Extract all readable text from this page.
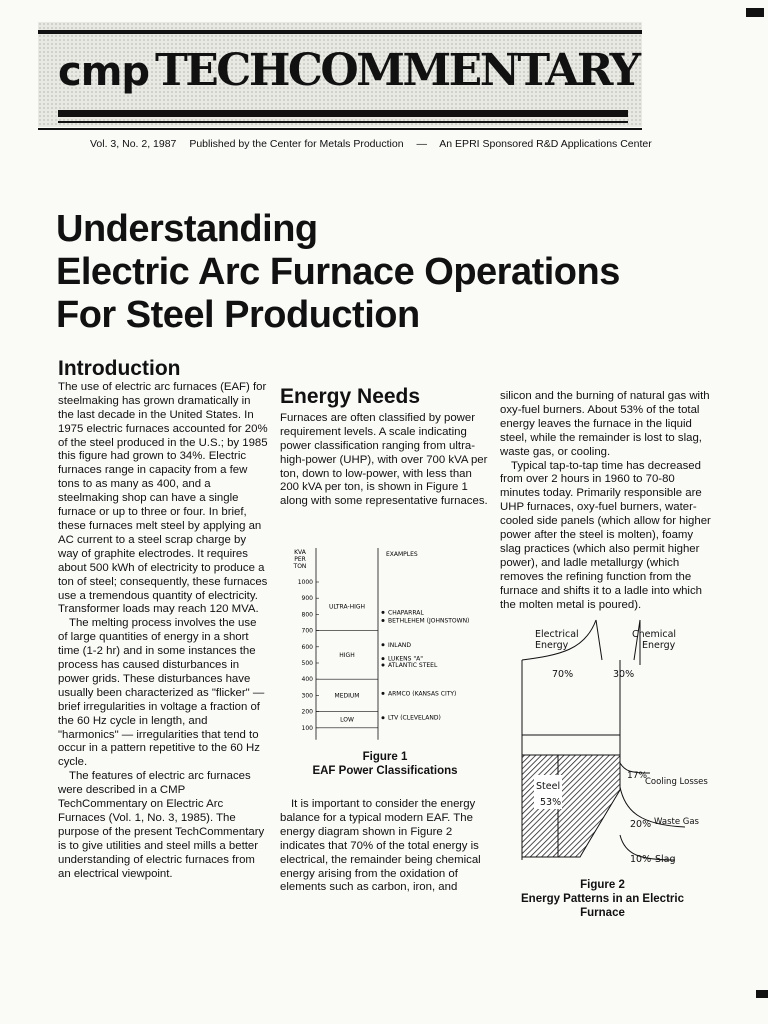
cmp TECHCOMMENTARY
Vol. 3, No. 2, 1987 Published by the Center for Metals Production — An EPRI Sponsored R&D Applications Center
Understanding
Electric Arc Furnace Operations
For Steel Production
Introduction

The use of electric arc furnaces (EAF) for steelmaking has grown dramatically in the last decade in the United States. In 1975 electric furnaces accounted for 20% of the steel produced in the U.S.; by 1985 this figure had grown to 34%. Electric furnaces range in capacity from a few tons to as many as 400, and a steelmaking shop can have a single furnace or up to three or four. In brief, these furnaces melt steel by applying an AC current to a steel scrap charge by way of graphite electrodes. It requires about 500 kWh of electricity to produce a ton of steel; consequently, these furnaces use a tremendous quantity of electricity. Transformer loads may reach 120 MVA.

The melting process involves the use of large quantities of energy in a short time (1-2 hr) and in some instances the process has caused disturbances in power grids. These disturbances have usually been characterized as "flicker" — brief irregularities in voltage a fraction of the 60 Hz cycle in length, and "harmonics" — irregularities that tend to occur in a pattern repetitive to the 60 Hz cycle.

The features of electric arc furnaces were described in a CMP TechCommentary on Electric Arc Furnaces (Vol. 1, No. 3, 1985). The purpose of the present TechCommentary is to give utilities and steel mills a better understanding of electric furnaces from an electrical viewpoint.

Energy Needs

Furnaces are often classified by power requirement levels. A scale indicating power classification ranging from ultra-high-power (UHP), with over 700 kVA per ton, down to low-power, with less than 200 kVA per ton, is shown in Figure 1 along with some representative furnaces.

KVA
PER
TON
EXAMPLES
1000
900
800
700
600
500
400
300
200
100
ULTRA-HIGH
HIGH
MEDIUM
LOW
CHAPARRAL
BETHLEHEM (JOHNSTOWN)
INLAND
LUKENS "A"
ATLANTIC STEEL
ARMCO (KANSAS CITY)
LTV (CLEVELAND)
Figure 1
EAF Power Classifications

It is important to consider the energy balance for a typical modern EAF. The energy diagram shown in Figure 2 indicates that 70% of the total energy is electrical, the remainder being chemical energy arising from the oxidation of elements such as carbon, iron, and

silicon and the burning of natural gas with oxy-fuel burners. About 53% of the total energy leaves the furnace in the liquid steel, while the remainder is lost to slag, waste gas, or cooling.

Typical tap-to-tap time has decreased from over 2 hours in 1960 to 70-80 minutes today. Primarily responsible are UHP furnaces, oxy-fuel burners, water-cooled side panels (which allow for higher power after the steel is molten), foamy slag practices (which also permit higher power), and ladle metallurgy (which removes the refining function from the furnace and shifts it to a ladle into which the molten metal is poured).

Electrical
Energy
Chemical
Energy
70%	30%
Steel
53%
17%
Cooling Losses
20% Waste Gas
10% Slag
Figure 2
Energy Patterns in an Electric
Furnace
